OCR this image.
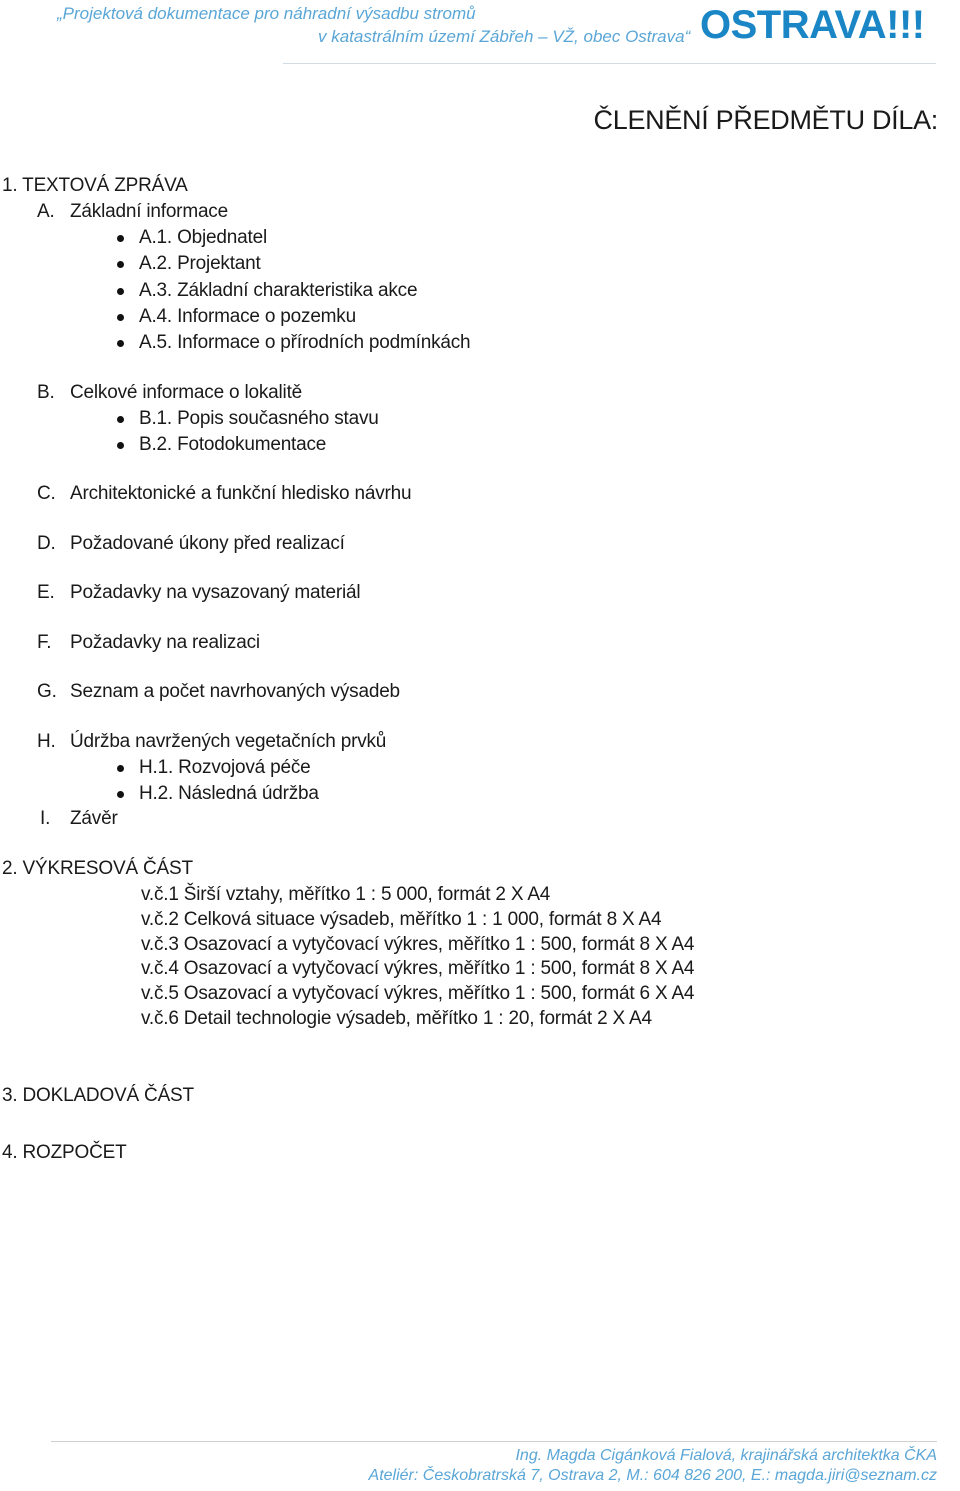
„Projektová dokumentace pro náhradní výsadbu stromů
v katastrálním území Zábřeh – VŽ, obec Ostrava“ OSTRAVA!!!
ČLENĚNÍ PŘEDMĚTU DÍLA:
1. TEXTOVÁ ZPRÁVA
A. Základní informace
A.1. Objednatel
A.2. Projektant
A.3. Základní charakteristika akce
A.4. Informace o pozemku
A.5. Informace o přírodních podmínkách
B. Celkové informace o lokalitě
B.1. Popis současného stavu
B.2. Fotodokumentace
C. Architektonické a funkční hledisko návrhu
D. Požadované úkony před realizací
E. Požadavky na vysazovaný materiál
F. Požadavky na realizaci
G. Seznam a počet navrhovaných výsadeb
H. Údržba navržených vegetačních prvků
H.1. Rozvojová péče
H.2. Následná údržba
I. Závěr
2. VÝKRESOVÁ ČÁST
v.č.1 Širší vztahy, měřítko 1 : 5 000, formát 2 X A4
v.č.2 Celková situace výsadeb, měřítko 1 : 1 000, formát 8 X A4
v.č.3 Osazovací a vytyčovací výkres, měřítko 1 : 500, formát 8 X A4
v.č.4 Osazovací a vytyčovací výkres, měřítko 1 : 500, formát 8 X A4
v.č.5 Osazovací a vytyčovací výkres, měřítko 1 : 500, formát 6 X A4
v.č.6 Detail technologie výsadeb, měřítko 1 : 20, formát 2 X A4
3. DOKLADOVÁ ČÁST
4. ROZPOČET
Ing. Magda Cigánková Fialová, krajinářská architektka ČKA
Ateliér: Českobratrská 7, Ostrava 2, M.: 604 826 200, E.: magda.jiri@seznam.cz
